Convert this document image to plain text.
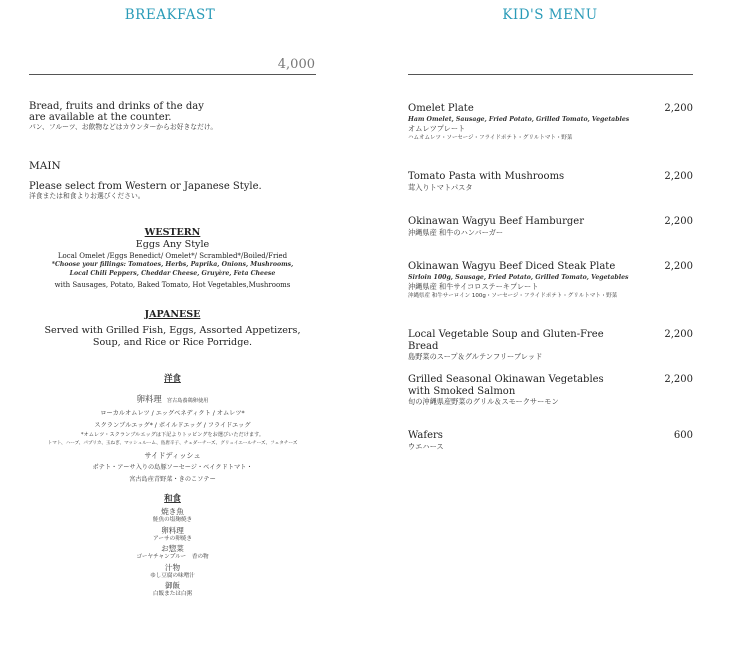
BREAKFAST
4,000
Bread, fruits and drinks of the day
are available at the counter.
パン、フルーツ、お飲物などはカウンターからお好きなだけ。
MAIN
Please select from Western or Japanese Style.
洋食または和食よりお選びください。
WESTERN
Eggs Any Style
Local Omelet /Eggs Benedict/ Omelet*/ Scrambled*/Boiled/Fried
*Choose your fillings: Tomatoes, Herbs, Paprika, Onions, Mushrooms,
Local Chili Peppers, Cheddar Cheese, Gruyère, Feta Cheese
with Sausages, Potato, Baked Tomato, Hot Vegetables,Mushrooms
JAPANESE
Served with Grilled Fish, Eggs, Assorted Appetizers,
Soup, and Rice or Rice Porridge.
洋食
卵料理 宮古島養鶏卵使用
ローカルオムレツ / エッグベネディクト / オムレツ*
スクランブルエッグ* / ボイルドエッグ / フライドエッグ
*オムレツ・スクランブルエッグは下記よりトッピングをお選びいただけます。
トマト、ハーブ、パプリカ、玉ねぎ、マッシュルーム、島唐辛子、チェダーチーズ、グリュイエールチーズ、フェタチーズ
サイドディッシュ
ポテト・アーサ入りの島豚ソーセージ・ベイクドトマト・
宮古島産青野菜・きのこソテー
和食
焼き魚
鮭魚の塩麹焼き
卵料理
アーサの卵焼き
お惣菜
ゴーヤチャンプルー　香の物
汁物
ゆし豆腐の味噌汁
御飯
白飯または白粥
KID'S MENU
Omelet Plate	2,200
Ham Omelet, Sausage, Fried Potato, Grilled Tomato, Vegetables
オムレツプレート
ハムオムレツ・ソーセージ・フライドポテト・グリルトマト・野菜
Tomato Pasta with Mushrooms	2,200
茸入りトマトパスタ
Okinawan Wagyu Beef Hamburger	2,200
沖縄県産 和牛のハンバーガー
Okinawan Wagyu Beef Diced Steak Plate	2,200
Sirloin 100g, Sausage, Fried Potato, Grilled Tomato, Vegetables
沖縄県産 和牛サイコロステーキプレート
沖縄県産 和牛サーロイン 100g・ソーセージ・フライドポテト・グリルトマト・野菜
Local Vegetable Soup and Gluten-Free Bread
2,200
島野菜のスープ＆グルテンフリーブレッド
Grilled Seasonal Okinawan Vegetables
with Smoked Salmon
2,200
旬の沖縄県産野菜のグリル＆スモークサーモン
Wafers	600
ウエハース
